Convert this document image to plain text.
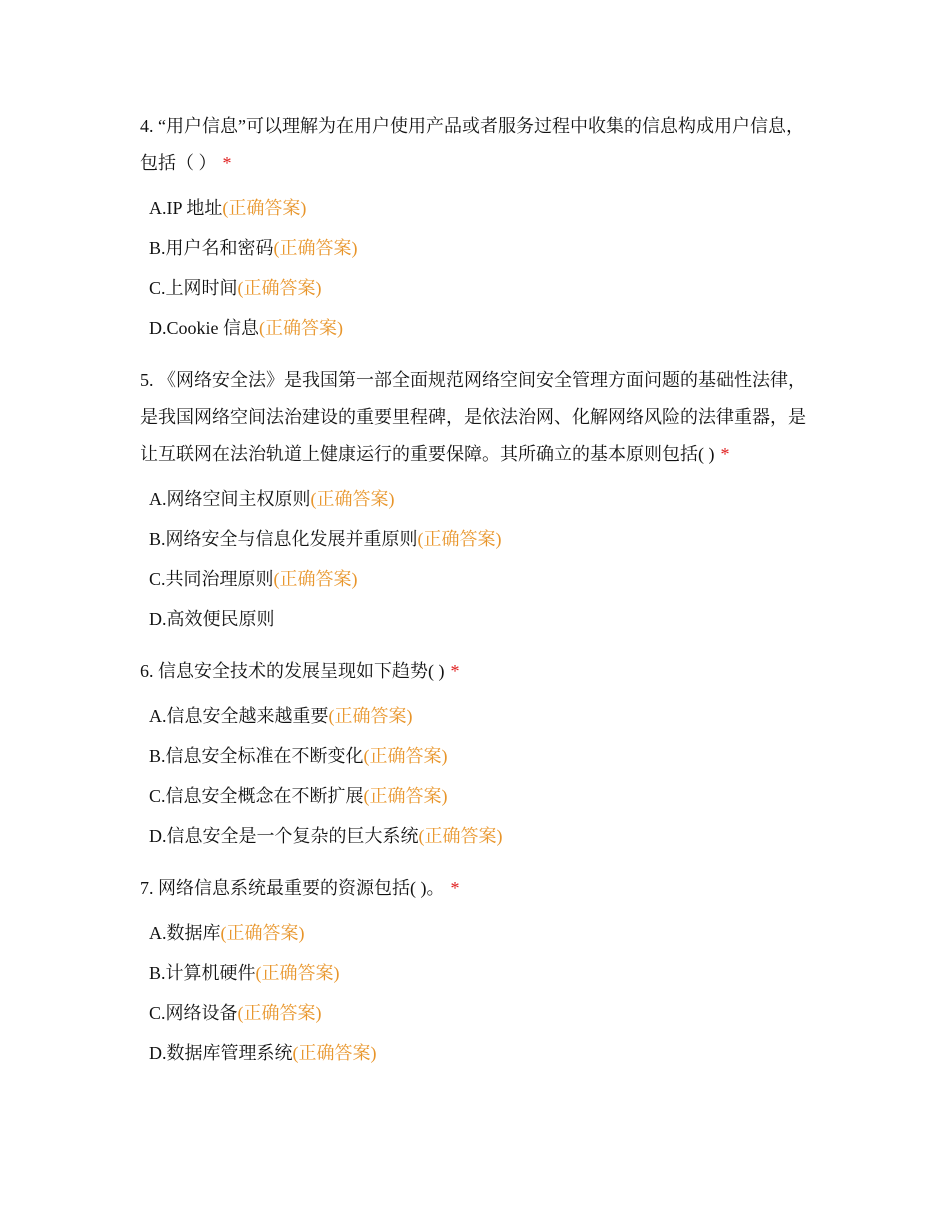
4. “用户信息”可以理解为在用户使用产品或者服务过程中收集的信息构成用户信息，包括（ ） *

A.IP 地址(正确答案)
B.用户名和密码(正确答案)
C.上网时间(正确答案)
D.Cookie 信息(正确答案)

5. 《网络安全法》是我国第一部全面规范网络空间安全管理方面问题的基础性法律，是我国网络空间法治建设的重要里程碑，是依法治网、化解网络风险的法律重器，是让互联网在法治轨道上健康运行的重要保障。其所确立的基本原则包括( ) *

A.网络空间主权原则(正确答案)
B.网络安全与信息化发展并重原则(正确答案)
C.共同治理原则(正确答案)
D.高效便民原则

6. 信息安全技术的发展呈现如下趋势( ) *

A.信息安全越来越重要(正确答案)
B.信息安全标准在不断变化(正确答案)
C.信息安全概念在不断扩展(正确答案)
D.信息安全是一个复杂的巨大系统(正确答案)

7. 网络信息系统最重要的资源包括( )。 *

A.数据库(正确答案)
B.计算机硬件(正确答案)
C.网络设备(正确答案)
D.数据库管理系统(正确答案)
